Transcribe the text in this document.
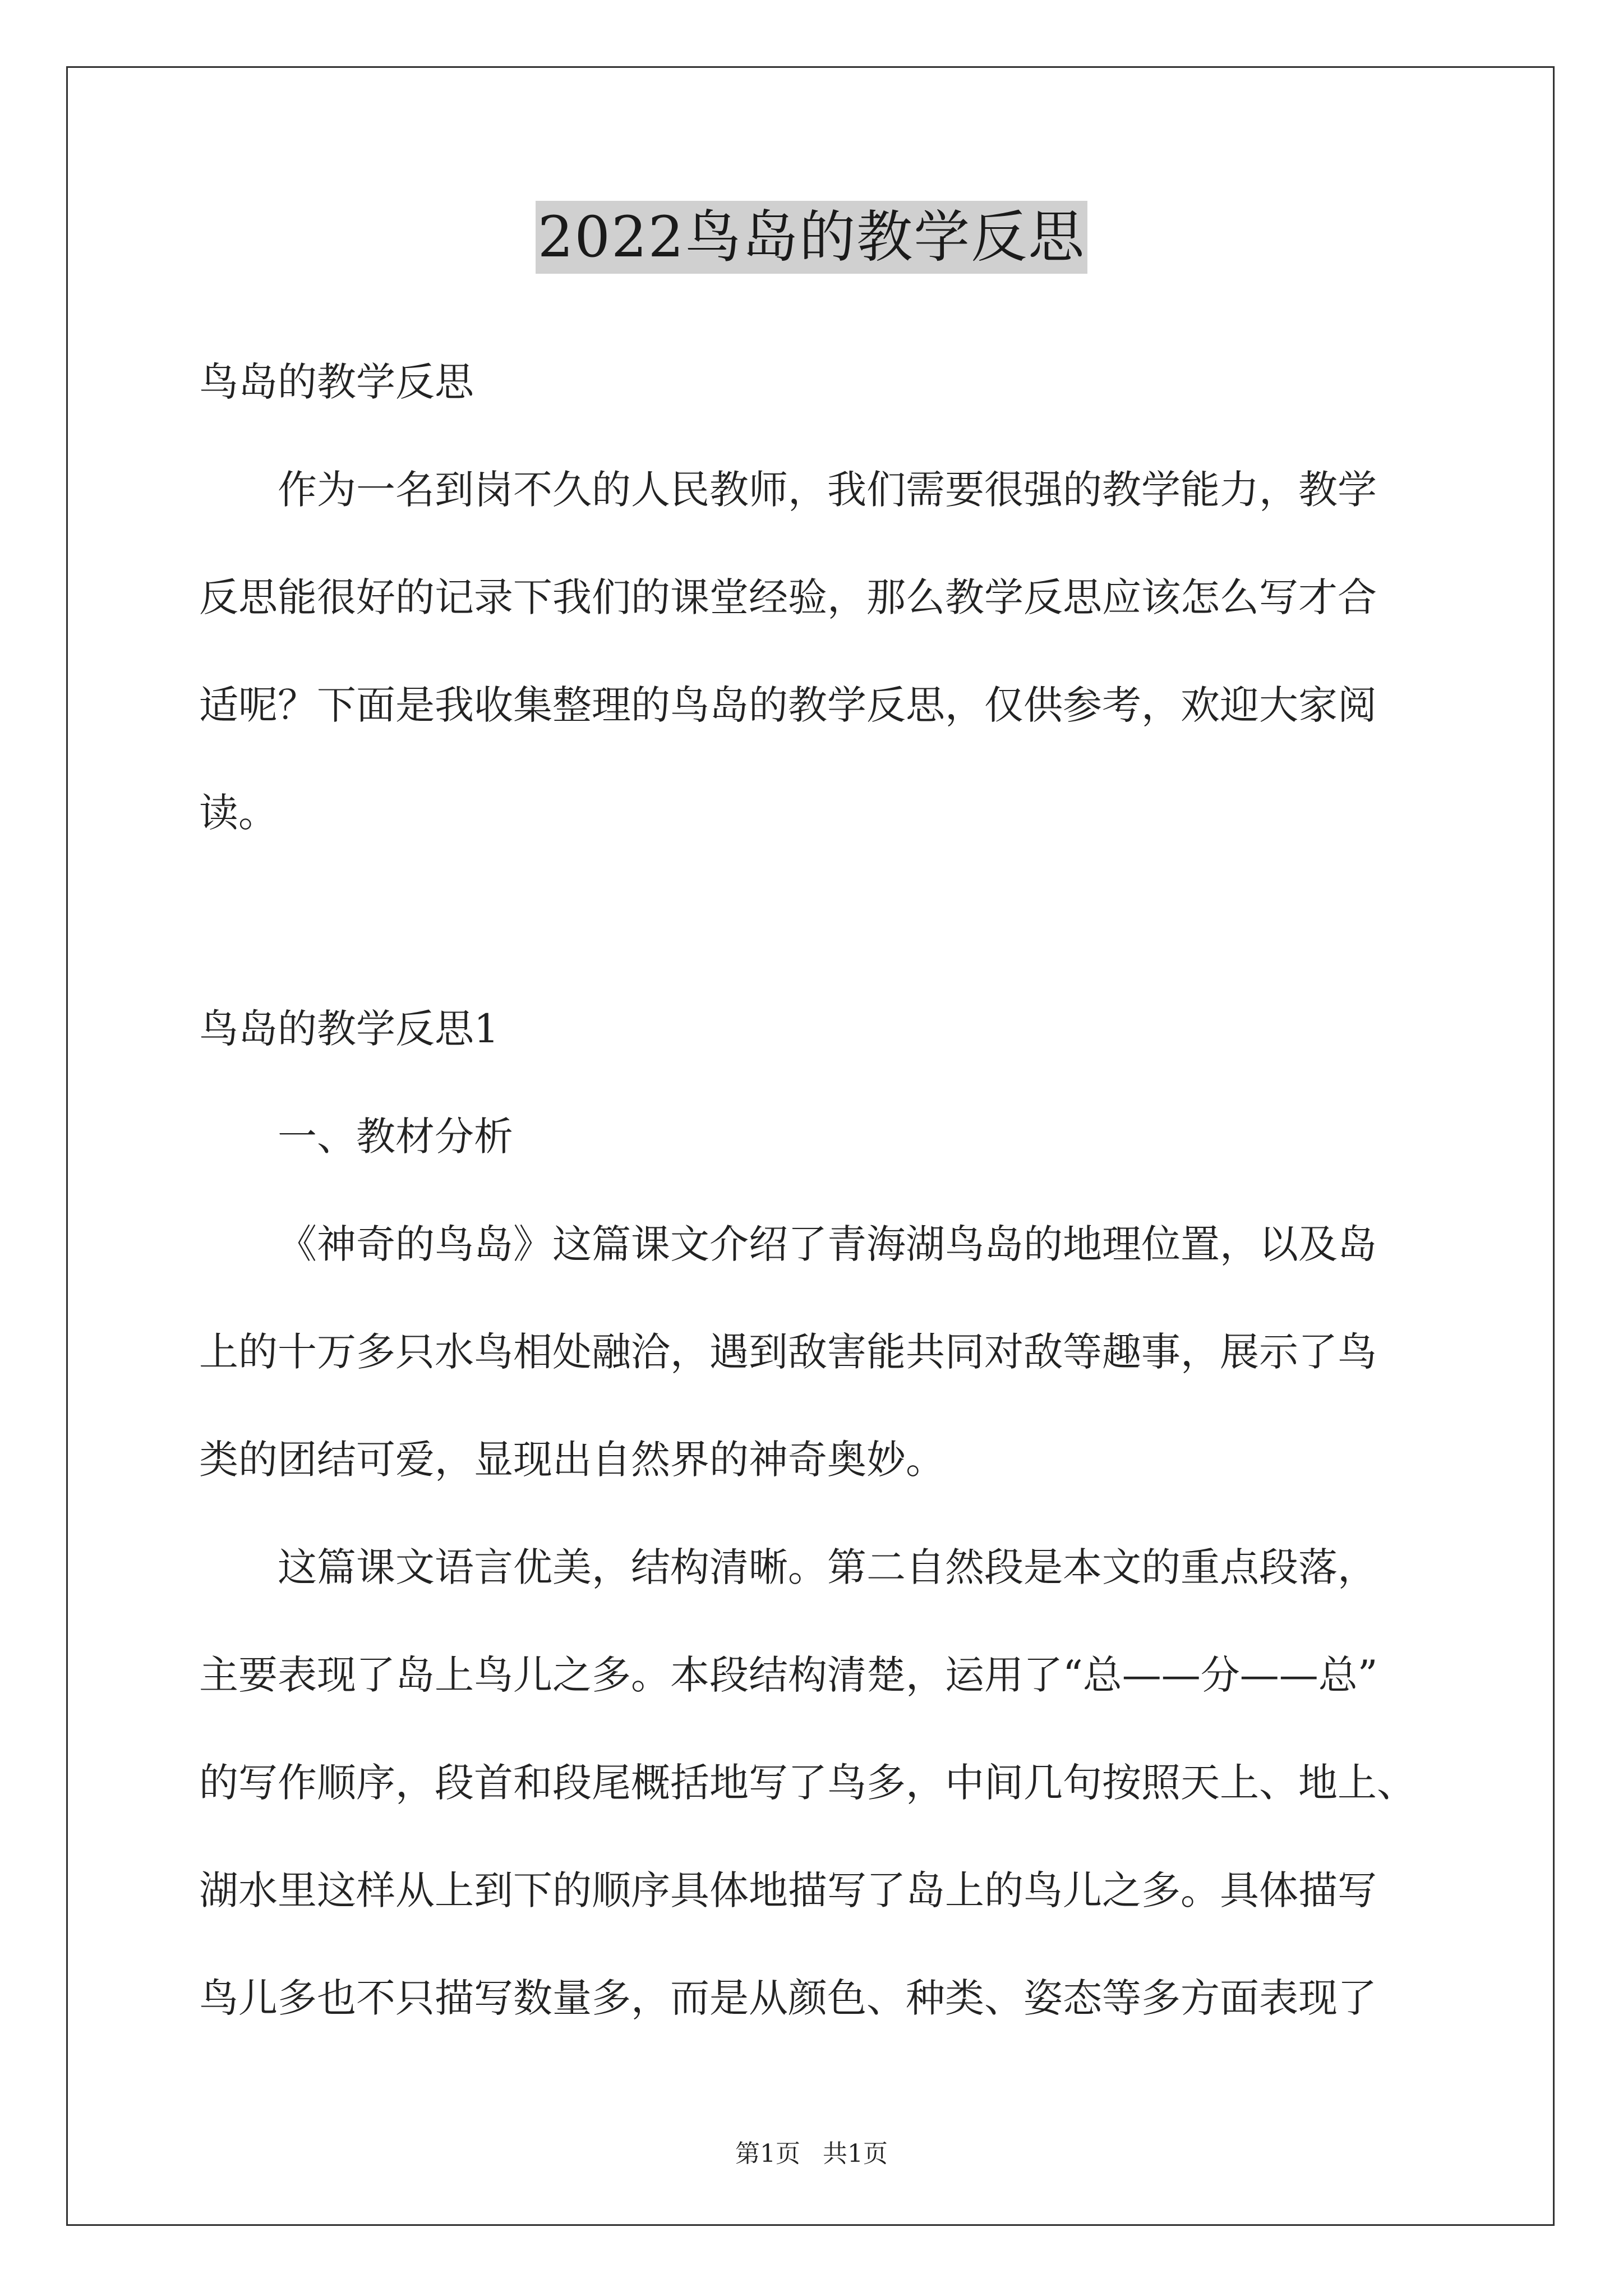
2022鸟岛的教学反思
鸟岛的教学反思
作为一名到岗不久的人民教师，我们需要很强的教学能力，教学
反思能很好的记录下我们的课堂经验，那么教学反思应该怎么写才合
适呢？下面是我收集整理的鸟岛的教学反思，仅供参考，欢迎大家阅
读。
鸟岛的教学反思1
一、教材分析
《神奇的鸟岛》这篇课文介绍了青海湖鸟岛的地理位置，以及岛
上的十万多只水鸟相处融洽，遇到敌害能共同对敌等趣事，展示了鸟
类的团结可爱，显现出自然界的神奇奥妙。
这篇课文语言优美，结构清晰。第二自然段是本文的重点段落，
主要表现了岛上鸟儿之多。本段结构清楚，运用了“总——分——总”
的写作顺序，段首和段尾概括地写了鸟多，中间几句按照天上、地上、
湖水里这样从上到下的顺序具体地描写了岛上的鸟儿之多。具体描写
鸟儿多也不只描写数量多，而是从颜色、种类、姿态等多方面表现了
第1页 共1页
